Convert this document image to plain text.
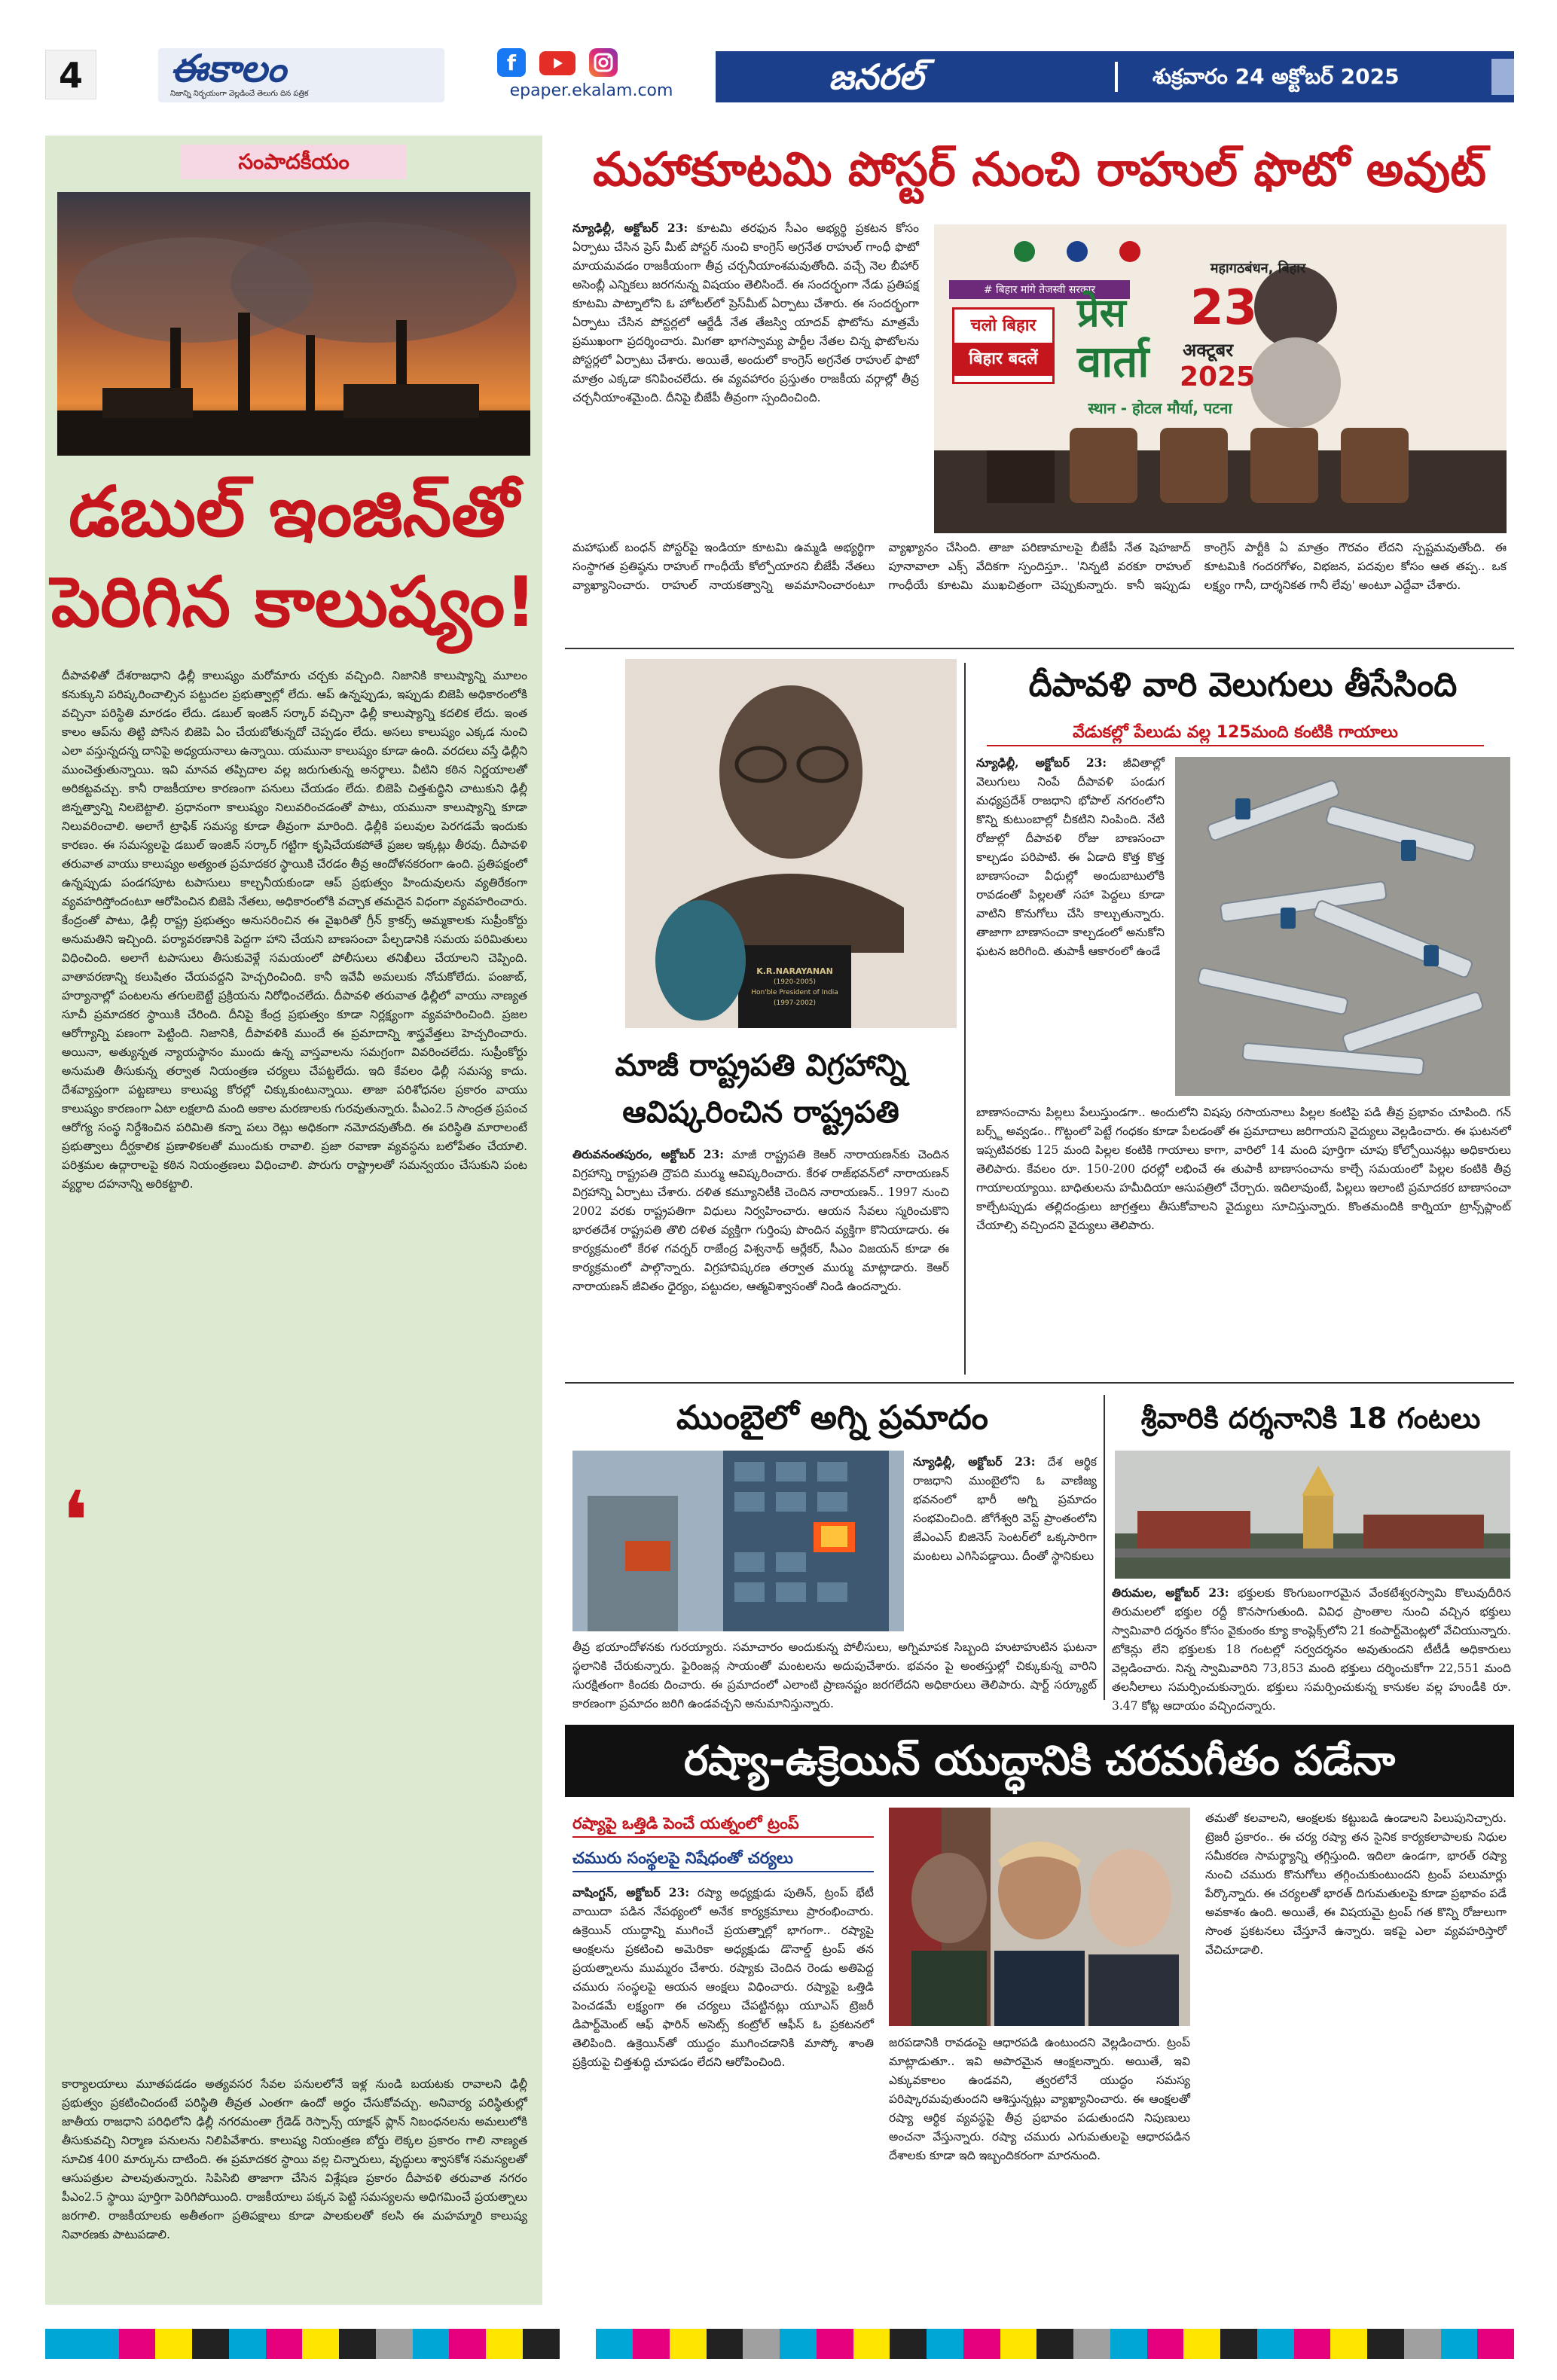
4	ఈకాలం
నిజాన్ని నిర్భయంగా వెల్లడించే తెలుగు దిన పత్రిక
f
epaper.ekalam.com	జనరల్	శుక్రవారం 24 అక్టోబర్ 2025
సంపాదకీయం
డబుల్ ఇంజిన్‌తో
పెరిగిన కాలుష్యం!

దీపావళితో దేశరాజధాని ఢిల్లీ కాలుష్యం మరోమారు చర్చకు వచ్చింది. నిజానికి కాలుష్యాన్ని మూలం కనుక్కుని పరిష్కరించాల్సిన పట్టుదల ప్రభుత్వాల్లో లేదు. ఆప్ ఉన్నప్పుడు, ఇప్పుడు బిజెపి అధికారంలోకి వచ్చినా పరిస్థితి మారడం లేదు. డబుల్ ఇంజిన్ సర్కార్ వచ్చినా ఢిల్లీ కాలుష్యాన్ని కదలిక లేదు. ఇంత కాలం ఆప్‌ను తిట్టి పోసిన బిజెపి ఏం చేయబోతున్నదో చెప్పడం లేదు. అసలు కాలుష్యం ఎక్కడ నుంచి ఎలా వస్తున్నదన్న దానిపై అధ్యయనాలు ఉన్నాయి. యమునా కాలుష్యం కూడా ఉంది. వరదలు వస్తే ఢిల్లీని ముంచెత్తుతున్నాయి. ఇవి మానవ తప్పిదాల వల్ల జరుగుతున్న అనర్థాలు. వీటిని కఠిన నిర్ణయాలతో అరికట్టవచ్చు. కానీ రాజకీయాల కారణంగా పనులు చేయడం లేదు. బిజెపి చిత్తశుద్ధిని చాటుకుని ఢిల్లీ జిన్నత్వాన్ని నిలబెట్టాలి. ప్రధానంగా కాలుష్యం నిలువరించడంతో పాటు, యమునా కాలుష్యాన్ని కూడా నిలువరించాలి. అలాగే ట్రాఫిక్ సమస్య కూడా తీవ్రంగా మారింది. ఢిల్లీకి పలువుల పెరగడమే ఇందుకు కారణం. ఈ సమస్యలపై డబుల్ ఇంజిన్ సర్కార్ గట్టిగా కృషిచేయకపోతే ప్రజల ఇక్కట్లు తీరవు. దీపావళి తరువాత వాయు కాలుష్యం అత్యంత ప్రమాదకర స్థాయికి చేరడం తీవ్ర ఆందోళనకరంగా ఉంది. ప్రతిపక్షంలో ఉన్నప్పుడు పండగపూట టపాసులు కాల్చనీయకుండా ఆప్ ప్రభుత్వం హిందువులను వ్యతిరేకంగా వ్యవహరిస్తోందంటూ ఆరోపించిన బిజెపి నేతలు, అధికారంలోకి వచ్చాక తమదైన విధంగా వ్యవహరించారు. కేంద్రంతో పాటు, ఢిల్లీ రాష్ట్ర ప్రభుత్వం అనుసరించిన ఈ వైఖరితో గ్రీన్ క్రాకర్స్ అమ్మకాలకు సుప్రీంకోర్టు అనుమతిని ఇచ్చింది. పర్యావరణానికి పెద్దగా హాని చేయని బాణసంచా పేల్చడానికి సమయ పరిమితులు విధించింది. అలాగే టపాసులు తీసుకువెళ్లే సమయంలో పోలీసులు తనిఖీలు చేయాలని చెప్పింది. వాతావరణాన్ని కలుషితం చేయవద్దని హెచ్చరించింది. కానీ ఇవేవీ అమలుకు నోచుకోలేదు. పంజాబ్, హర్యానాల్లో పంటలను తగులబెట్టే ప్రక్రియను నిరోధించలేదు. దీపావళి తరువాత ఢిల్లీలో వాయు నాణ్యత సూచీ ప్రమాదకర స్థాయికి చేరింది. దీనిపై కేంద్ర ప్రభుత్వం కూడా నిర్లక్ష్యంగా వ్యవహరించింది. ప్రజల ఆరోగ్యాన్ని పణంగా పెట్టింది. నిజానికి, దీపావళికి ముందే ఈ ప్రమాదాన్ని శాస్త్రవేత్తలు హెచ్చరించారు. అయినా, అత్యున్నత న్యాయస్థానం ముందు ఉన్న వాస్తవాలను సమగ్రంగా వివరించలేదు. సుప్రీంకోర్టు అనుమతి తీసుకున్న తర్వాత నియంత్రణ చర్యలు చేపట్టలేదు. ఇది కేవలం ఢిల్లీ సమస్య కాదు. దేశవ్యాప్తంగా పట్టణాలు కాలుష్య కోరల్లో చిక్కుకుంటున్నాయి. తాజా పరిశోధనల ప్రకారం వాయు కాలుష్యం కారణంగా ఏటా లక్షలాది మంది అకాల మరణాలకు గురవుతున్నారు. పీఎం2.5 సాంద్రత ప్రపంచ ఆరోగ్య సంస్థ నిర్దేశించిన పరిమితి కన్నా పలు రెట్లు అధికంగా నమోదవుతోంది. ఈ పరిస్థితి మారాలంటే ప్రభుత్వాలు దీర్ఘకాలిక ప్రణాళికలతో ముందుకు రావాలి. ప్రజా రవాణా వ్యవస్థను బలోపేతం చేయాలి. పరిశ్రమల ఉద్గారాలపై కఠిన నియంత్రణలు విధించాలి. పొరుగు రాష్ట్రాలతో సమన్వయం చేసుకుని పంట వ్యర్థాల దహనాన్ని అరికట్టాలి.

❛

కార్యాలయాలు మూతపడడం అత్యవసర సేవల పనులలోనే ఇళ్ల నుండి బయటకు రావాలని ఢిల్లీ ప్రభుత్వం ప్రకటించిందంటే పరిస్థితి తీవ్రత ఎంతగా ఉందో అర్థం చేసుకోవచ్చు. అనివార్య పరిస్థితుల్లో జాతీయ రాజధాని పరిధిలోని ఢిల్లీ నగరమంతా గ్రేడెడ్ రెస్పాన్స్ యాక్షన్ ప్లాన్ నిబంధనలను అమలులోకి తీసుకువచ్చి నిర్మాణ పనులను నిలిపివేశారు. కాలుష్య నియంత్రణ బోర్డు లెక్కల ప్రకారం గాలి నాణ్యత సూచిక 400 మార్కును దాటింది. ఈ ప్రమాదకర స్థాయి వల్ల చిన్నారులు, వృద్ధులు శ్వాసకోశ సమస్యలతో ఆసుపత్రుల పాలవుతున్నారు. సిపిసిబి తాజాగా చేసిన విశ్లేషణ ప్రకారం దీపావళి తరువాత నగరం పీఎం2.5 స్థాయి పూర్తిగా పెరిగిపోయింది. రాజకీయాలు పక్కన పెట్టి సమస్యలను అధిగమించే ప్రయత్నాలు జరగాలి. రాజకీయాలకు అతీతంగా ప్రతిపక్షాలు కూడా పాలకులతో కలసి ఈ మహమ్మారి కాలుష్య నివారణకు పాటుపడాలి.

మహాకూటమి పోస్టర్ నుంచి రాహుల్ ఫొటో అవుట్

న్యూఢిల్లీ, అక్టోబర్ 23: కూటమి తరఫున సీఎం అభ్యర్థి ప్రకటన కోసం ఏర్పాటు చేసిన ప్రెస్ మీట్ పోస్టర్ నుంచి కాంగ్రెస్ అగ్రనేత రాహుల్ గాంధీ ఫొటో మాయమవడం రాజకీయంగా తీవ్ర చర్చనీయాంశమవుతోంది. వచ్చే నెల బీహార్ అసెంబ్లీ ఎన్నికలు జరగనున్న విషయం తెలిసిందే. ఈ సందర్భంగా నేడు ప్రతిపక్ష కూటమి పాట్నాలోని ఓ హోటల్‌లో ప్రెస్‌మీట్ ఏర్పాటు చేశారు. ఈ సందర్భంగా ఏర్పాటు చేసిన పోస్టర్లలో ఆర్జేడీ నేత తేజస్వి యాదవ్ ఫొటోను మాత్రమే ప్రముఖంగా ప్రదర్శించారు. మిగతా భాగస్వామ్య పార్టీల నేతల చిన్న ఫొటోలను పోస్టర్లలో ఏర్పాటు చేశారు. అయితే, అందులో కాంగ్రెస్ అగ్రనేత రాహుల్ ఫొటో మాత్రం ఎక్కడా కనిపించలేదు. ఈ వ్యవహారం ప్రస్తుతం రాజకీయ వర్గాల్లో తీవ్ర చర్చనీయాంశమైంది. దీనిపై బీజేపీ తీవ్రంగా స్పందించింది.

महागठबंधन, बिहार
# बिहार मांगे तेजस्वी सरकार
चलो बिहार
बिहार बदलें
प्रेस
वार्ता
23
अक्टूबर
2025
स्थान - होटल मौर्या, पटना

మహాఘట్ బంధన్ పోస్టర్‌పై ఇండియా కూటమి ఉమ్మడి అభ్యర్థిగా సంస్థాగత ప్రతిష్ఠను రాహుల్ గాంధీయే కోల్పోయారని బీజేపీ నేతలు వ్యాఖ్యానించారు. రాహుల్ నాయకత్వాన్ని అవమానించారంటూ వ్యాఖ్యానం చేసింది. తాజా పరిణామాలపై బీజేపీ నేత షెహజాద్ పూనావాలా ఎక్స్ వేదికగా స్పందిస్తూ.. 'నిన్నటి వరకూ రాహుల్ గాంధీయే కూటమి ముఖచిత్రంగా చెప్పుకున్నారు. కానీ ఇప్పుడు కాంగ్రెస్ పార్టీకి ఏ మాత్రం గౌరవం లేదని స్పష్టమవుతోంది. ఈ కూటమికి గందరగోళం, విభజన, పదవుల కోసం ఆత తప్ప.. ఒక లక్ష్యం గానీ, దార్శనికత గానీ లేవు' అంటూ ఎద్దేవా చేశారు.

K.R.NARAYANAN
(1920-2005)
Hon'ble President of India
(1997-2002)
మాజీ రాష్ట్రపతి విగ్రహాన్ని
ఆవిష్కరించిన రాష్ట్రపతి

తిరువనంతపురం, అక్టోబర్ 23: మాజీ రాష్ట్రపతి కెఆర్ నారాయణన్‌కు చెందిన విగ్రహాన్ని రాష్ట్రపతి ద్రౌపది ముర్ము ఆవిష్కరించారు. కేరళ రాజ్‌భవన్‌లో నారాయణన్ విగ్రహాన్ని ఏర్పాటు చేశారు. దళిత కమ్యూనిటీకి చెందిన నారాయణన్.. 1997 నుంచి 2002 వరకు రాష్ట్రపతిగా విధులు నిర్వహించారు. ఆయన సేవలు స్మరించుకొని భారతదేశ రాష్ట్రపతి తొలి దళిత వ్యక్తిగా గుర్తింపు పొందిన వ్యక్తిగా కొనియాడారు. ఈ కార్యక్రమంలో కేరళ గవర్నర్ రాజేంద్ర విశ్వనాథ్ ఆర్లేకర్, సీఎం విజయన్ కూడా ఈ కార్యక్రమంలో పాల్గొన్నారు. విగ్రహావిష్కరణ తర్వాత ముర్ము మాట్లాడారు. కెఆర్ నారాయణన్ జీవితం ధైర్యం, పట్టుదల, ఆత్మవిశ్వాసంతో నిండి ఉందన్నారు.

దీపావళి వారి వెలుగులు తీసేసింది
వేడుకల్లో పేలుడు వల్ల 125మంది కంటికి గాయాలు

న్యూఢిల్లీ, అక్టోబర్ 23: జీవితాల్లో వెలుగులు నింపే దీపావళి పండుగ మధ్యప్రదేశ్ రాజధాని భోపాల్ నగరంలోని కొన్ని కుటుంబాల్లో చీకటిని నింపింది. నేటి రోజుల్లో దీపావళి రోజు బాణసంచా కాల్చడం పరిపాటి. ఈ ఏడాది కొత్త కొత్త బాణాసంచా వీధుల్లో అందుబాటులోకి రావడంతో పిల్లలతో సహా పెద్దలు కూడా వాటిని కొనుగోలు చేసి కాల్చుతున్నారు. తాజాగా బాణాసంచా కాల్చడంలో అనుకోని ఘటన జరిగింది. తుపాకీ ఆకారంలో ఉండే

బాణాసంచాను పిల్లలు పేలుస్తుండగా.. అందులోని విషపు రసాయనాలు పిల్లల కంటిపై పడి తీవ్ర ప్రభావం చూపింది. గన్ బర్స్ట్ అవ్వడం.. గొట్టంలో పెట్టే గంధకం కూడా పేలడంతో ఈ ప్రమాదాలు జరిగాయని వైద్యులు వెల్లడించారు. ఈ ఘటనలో ఇప్పటివరకు 125 మంది పిల్లల కంటికి గాయాలు కాగా, వారిలో 14 మంది పూర్తిగా చూపు కోల్పోయినట్లు అధికారులు తెలిపారు. కేవలం రూ. 150-200 ధరల్లో లభించే ఈ తుపాకీ బాణాసంచాను కాల్చే సమయంలో పిల్లల కంటికి తీవ్ర గాయాలయ్యాయి. బాధితులను హమీదియా ఆసుపత్రిలో చేర్చారు. ఇదిలావుంటే, పిల్లలు ఇలాంటి ప్రమాదకర బాణాసంచా కాల్చేటప్పుడు తల్లిదండ్రులు జాగ్రత్తలు తీసుకోవాలని వైద్యులు సూచిస్తున్నారు. కొంతమందికి కార్నియా ట్రాన్స్‌ప్లాంట్ చేయాల్సి వచ్చిందని వైద్యులు తెలిపారు.

ముంబైలో అగ్ని ప్రమాదం

న్యూఢిల్లీ, అక్టోబర్ 23: దేశ ఆర్థిక రాజధాని ముంబైలోని ఓ వాణిజ్య భవనంలో భారీ అగ్ని ప్రమాదం సంభవించింది. జోగేశ్వరి వెస్ట్ ప్రాంతంలోని జేఎంఎస్ బిజినెస్ సెంటర్‌లో ఒక్కసారిగా మంటలు ఎగిసిపడ్డాయి. దీంతో స్థానికులు

తీవ్ర భయాందోళనకు గురయ్యారు. సమాచారం అందుకున్న పోలీసులు, అగ్నిమాపక సిబ్బంది హుటాహుటిన ఘటనా స్థలానికి చేరుకున్నారు. ఫైరింజన్ల సాయంతో మంటలను అదుపుచేశారు. భవనం పై అంతస్తుల్లో చిక్కుకున్న వారిని సురక్షితంగా కిందకు దించారు. ఈ ప్రమాదంలో ఎలాంటి ప్రాణనష్టం జరగలేదని అధికారులు తెలిపారు. షార్ట్ సర్క్యూట్ కారణంగా ప్రమాదం జరిగి ఉండవచ్చని అనుమానిస్తున్నారు.

శ్రీవారికి దర్శనానికి 18 గంటలు

తిరుమల, అక్టోబర్ 23: భక్తులకు కొంగుబంగారమైన వేంకటేశ్వరస్వామి కొలువుదీరిన తిరుమలలో భక్తుల రద్దీ కొనసాగుతుంది. వివిధ ప్రాంతాల నుంచి వచ్చిన భక్తులు స్వామివారి దర్శనం కోసం వైకుంఠం క్యూ కాంప్లెక్స్‌లోని 21 కంపార్ట్‌మెంట్లలో వేచియున్నారు. టోకెన్లు లేని భక్తులకు 18 గంటల్లో సర్వదర్శనం అవుతుందని టీటీడీ అధికారులు వెల్లడించారు. నిన్న స్వామివారిని 73,853 మంది భక్తులు దర్శించుకోగా 22,551 మంది తలనీలాలు సమర్పించుకున్నారు. భక్తులు సమర్పించుకున్న కానుకల వల్ల హుండీకి రూ. 3.47 కోట్ల ఆదాయం వచ్చిందన్నారు.

రష్యా-ఉక్రెయిన్ యుద్ధానికి చరమగీతం పడేనా
రష్యాపై ఒత్తిడి పెంచే యత్నంలో ట్రంప్
చమురు సంస్థలపై నిషేధంతో చర్యలు

వాషింగ్టన్, అక్టోబర్ 23: రష్యా అధ్యక్షుడు పుతిన్, ట్రంప్ భేటీ వాయిదా పడిన నేపథ్యంలో అనేక కార్యక్రమాలు ప్రారంభించారు. ఉక్రెయిన్ యుద్ధాన్ని ముగించే ప్రయత్నాల్లో భాగంగా.. రష్యాపై ఆంక్షలను ప్రకటించి అమెరికా అధ్యక్షుడు డొనాల్డ్ ట్రంప్ తన ప్రయత్నాలను ముమ్మరం చేశారు. రష్యాకు చెందిన రెండు అతిపెద్ద చమురు సంస్థలపై ఆయన ఆంక్షలు విధించారు. రష్యాపై ఒత్తిడి పెంచడమే లక్ష్యంగా ఈ చర్యలు చేపట్టినట్లు యూఎస్ ట్రెజరీ డిపార్ట్‌మెంట్ ఆఫ్ ఫారిన్ అసెట్స్ కంట్రోల్ ఆఫీస్ ఓ ప్రకటనలో తెలిపింది. ఉక్రెయిన్‌తో యుద్ధం ముగించడానికి మాస్కో శాంతి ప్రక్రియపై చిత్తశుద్ధి చూపడం లేదని ఆరోపించింది.

జరపడానికి రావడంపై ఆధారపడి ఉంటుందని వెల్లడించారు. ట్రంప్ మాట్లాడుతూ.. ఇవి అపారమైన ఆంక్షలన్నారు. అయితే, ఇవి ఎక్కువకాలం ఉండవని, త్వరలోనే యుద్ధం సమస్య పరిష్కారమవుతుందని ఆశిస్తున్నట్లు వ్యాఖ్యానించారు. ఈ ఆంక్షలతో రష్యా ఆర్థిక వ్యవస్థపై తీవ్ర ప్రభావం పడుతుందని నిపుణులు అంచనా వేస్తున్నారు. రష్యా చమురు ఎగుమతులపై ఆధారపడిన దేశాలకు కూడా ఇది ఇబ్బందికరంగా మారనుంది.

తమతో కలవాలని, ఆంక్షలకు కట్టుబడి ఉండాలని పిలుపునిచ్చారు. ట్రెజరీ ప్రకారం.. ఈ చర్య రష్యా తన సైనిక కార్యకలాపాలకు నిధుల సమీకరణ సామర్థ్యాన్ని తగ్గిస్తుంది. ఇదిలా ఉండగా, భారత్ రష్యా నుంచి చమురు కొనుగోలు తగ్గించుకుంటుందని ట్రంప్ పలుమార్లు పేర్కొన్నారు. ఈ చర్యలతో భారత్ దిగుమతులపై కూడా ప్రభావం పడే అవకాశం ఉంది. అయితే, ఈ విషయమై ట్రంప్ గత కొన్ని రోజులుగా సొంత ప్రకటనలు చేస్తూనే ఉన్నారు. ఇకపై ఎలా వ్యవహరిస్తారో వేచిచూడాలి.
